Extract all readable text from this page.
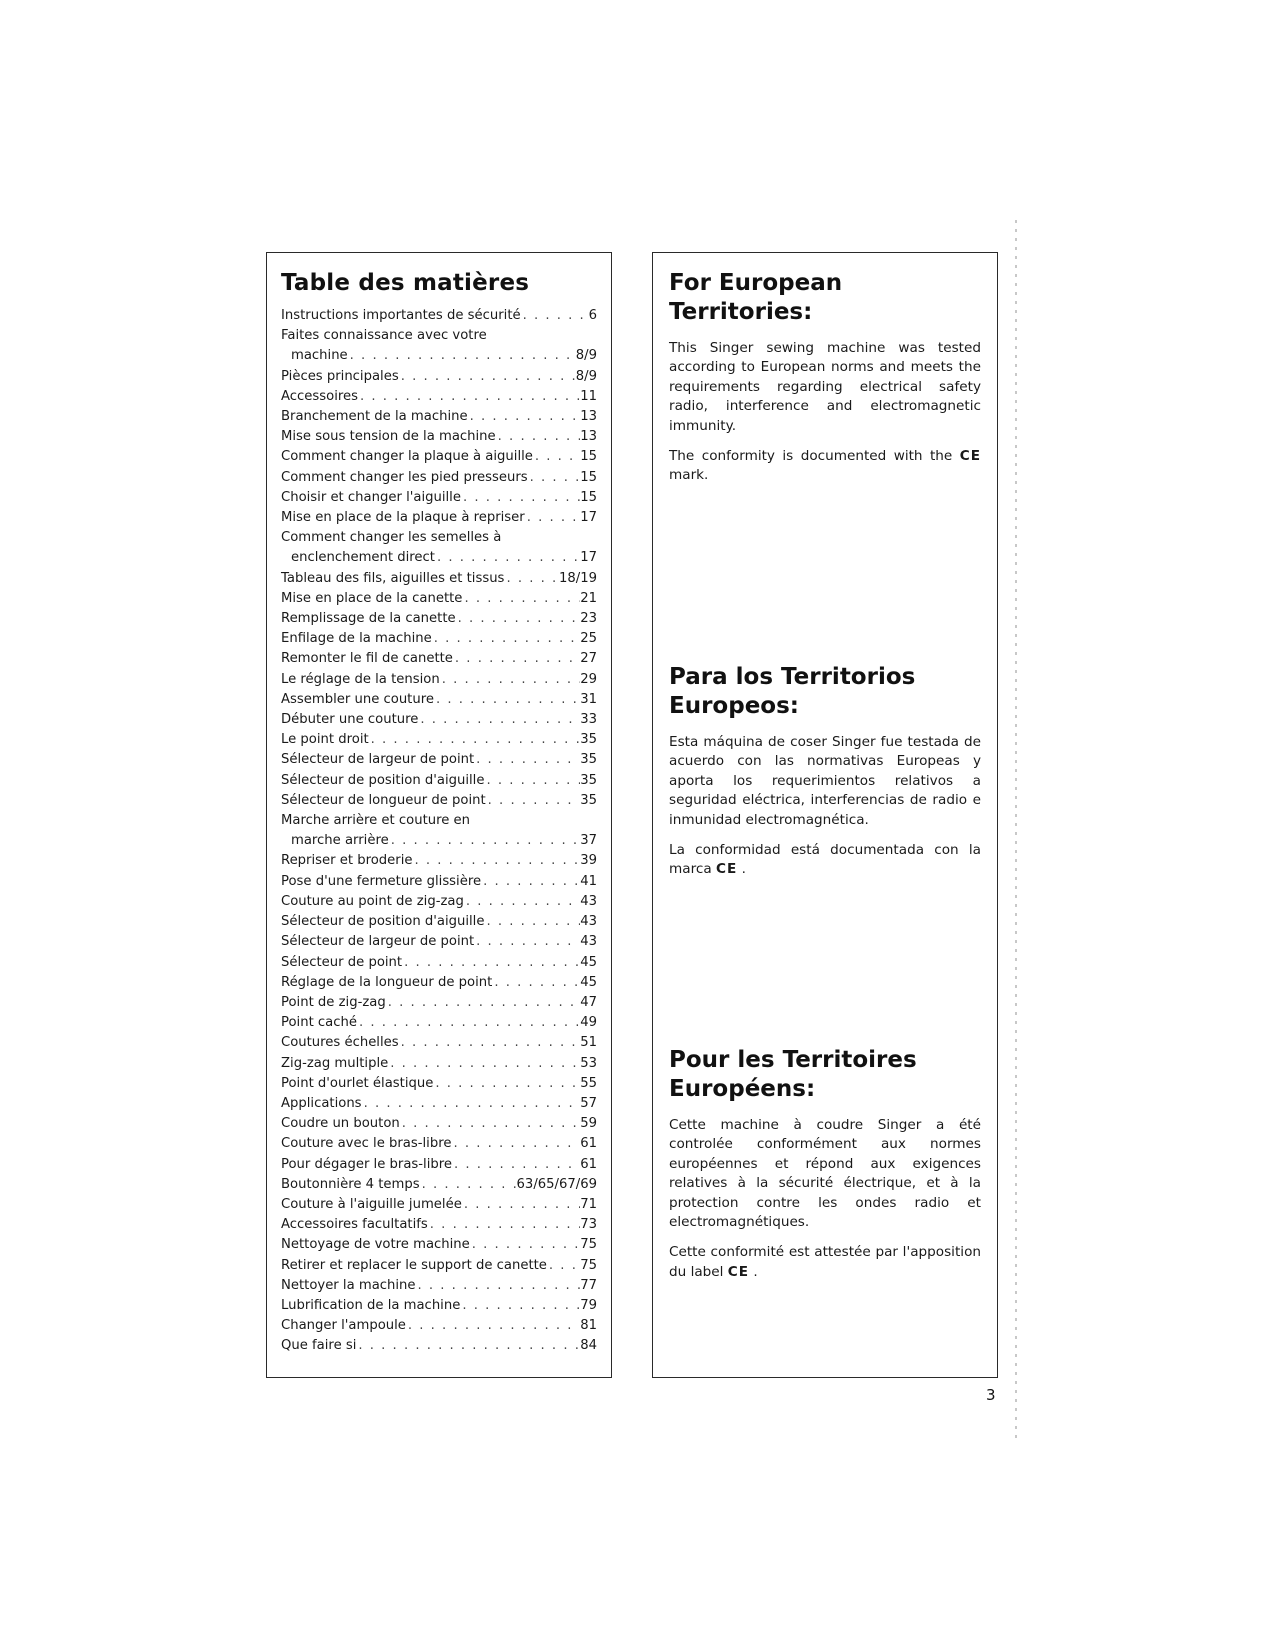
Table des matières
Instructions importantes de sécurité . . .	6
Faites connaissance avec votre
machine . . .	8/9
Pièces principales . . .	8/9
Accessoires . . .	11
Branchement de la machine . . .	13
Mise sous tension de la machine . . .	13
Comment changer la plaque à aiguille . . .	15
Comment changer les pied presseurs . . .	15
Choisir et changer l'aiguille . . .	15
Mise en place de la plaque à repriser . . .	17
Comment changer les semelles à
enclenchement direct . . .	17
Tableau des fils, aiguilles et tissus . . .	18/19
Mise en place de la canette . . .	21
Remplissage de la canette . . .	23
Enfilage de la machine . . .	25
Remonter le fil de canette . . .	27
Le réglage de la tension . . .	29
Assembler une couture . . .	31
Débuter une couture . . .	33
Le point droit . . .	35
Sélecteur de largeur de point . . .	35
Sélecteur de position d'aiguille . . .	35
Sélecteur de longueur de point . . .	35
Marche arrière et couture en
marche arrière . . .	37
Repriser et broderie . . .	39
Pose d'une fermeture glissière . . .	41
Couture au point de zig-zag . . .	43
Sélecteur de position d'aiguille . . .	43
Sélecteur de largeur de point . . .	43
Sélecteur de point . . .	45
Réglage de la longueur de point . . .	45
Point de zig-zag . . .	47
Point caché . . .	49
Coutures échelles . . .	51
Zig-zag multiple . . .	53
Point d'ourlet élastique . . .	55
Applications . . .	57
Coudre un bouton . . .	59
Couture avec le bras-libre . . .	61
Pour dégager le bras-libre . . .	61
Boutonnière 4 temps . . .	63/65/67/69
Couture à l'aiguille jumelée . . .	71
Accessoires facultatifs . . .	73
Nettoyage de votre machine . . .	75
Retirer et replacer le support de canette . . .	75
Nettoyer la machine . . .	77
Lubrification de la machine . . .	79
Changer l'ampoule . . .	81
Que faire si . . .	84
For European Territories:

This Singer sewing machine was tested according to European norms and meets the requirements regarding electrical safety radio, interference and electromagnetic immunity.

The conformity is documented with the CE mark.

Para los Territorios Europeos:

Esta máquina de coser Singer fue testada de acuerdo con las normativas Europeas y aporta los requerimientos relativos a seguridad eléctrica, interferencias de radio e inmunidad electromagnética.

La conformidad está documentada con la marca CE .

Pour les Territoires Européens:

Cette machine à coudre Singer a été controlée conformément aux normes européennes et répond aux exigences relatives à la sécurité électrique, et à la protection contre les ondes radio et electromagnétiques.

Cette conformité est attestée par l'apposition du label CE .

3
